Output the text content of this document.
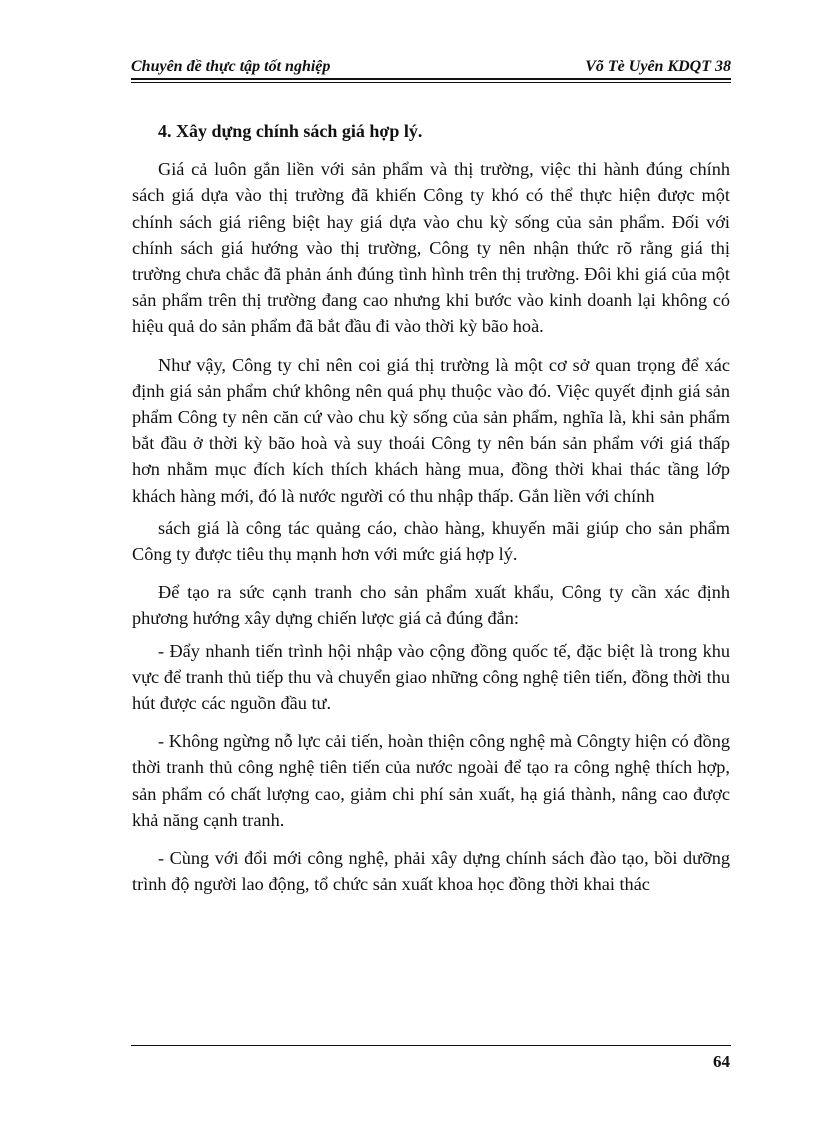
Chuyên đề thực tập tốt nghiệp	Võ Tè Uyên KDQT 38
4. Xây dựng chính sách giá hợp lý.

Giá cả luôn gắn liền với sản phẩm và thị trường, việc thi hành đúng chính sách giá dựa vào thị trường đã khiến Công ty khó có thể thực hiện được một chính sách giá riêng biệt hay giá dựa vào chu kỳ sống của sản phẩm. Đối với chính sách giá hướng vào thị trường, Công ty nên nhận thức rõ rằng giá thị trường chưa chắc đã phản ánh đúng tình hình trên thị trường. Đôi khi giá của một sản phẩm trên thị trường đang cao nhưng khi bước vào kinh doanh lại không có hiệu quả do sản phẩm đã bắt đầu đi vào thời kỳ bão hoà.

Như vậy, Công ty chỉ nên coi giá thị trường là một cơ sở quan trọng để xác định giá sản phẩm chứ không nên quá phụ thuộc vào đó. Việc quyết định giá sản phẩm Công ty nên căn cứ vào chu kỳ sống của sản phẩm, nghĩa là, khi sản phẩm bắt đầu ở thời kỳ bão hoà và suy thoái Công ty nên bán sản phẩm với giá thấp hơn nhằm mục đích kích thích khách hàng mua, đồng thời khai thác tầng lớp khách hàng mới, đó là nước người có thu nhập thấp. Gắn liền với chính

sách giá là công tác quảng cáo, chào hàng, khuyến mãi giúp cho sản phẩm Công ty được tiêu thụ mạnh hơn với mức giá hợp lý.

Để tạo ra sức cạnh tranh cho sản phẩm xuất khẩu, Công ty cần xác định phương hướng xây dựng chiến lược giá cả đúng đắn:

- Đẩy nhanh tiến trình hội nhập vào cộng đồng quốc tế, đặc biệt là trong khu vực để tranh thủ tiếp thu và chuyển giao những công nghệ tiên tiến, đồng thời thu hút được các nguồn đầu tư.

- Không ngừng nỗ lực cải tiến, hoàn thiện công nghệ mà Côngty hiện có đồng thời tranh thủ công nghệ tiên tiến của nước ngoài để tạo ra công nghệ thích hợp, sản phẩm có chất lượng cao, giảm chi phí sản xuất, hạ giá thành, nâng cao được khả năng cạnh tranh.

- Cùng với đổi mới công nghệ, phải xây dựng chính sách đào tạo, bồi dưỡng trình độ người lao động, tổ chức sản xuất khoa học đồng thời khai thác

64
